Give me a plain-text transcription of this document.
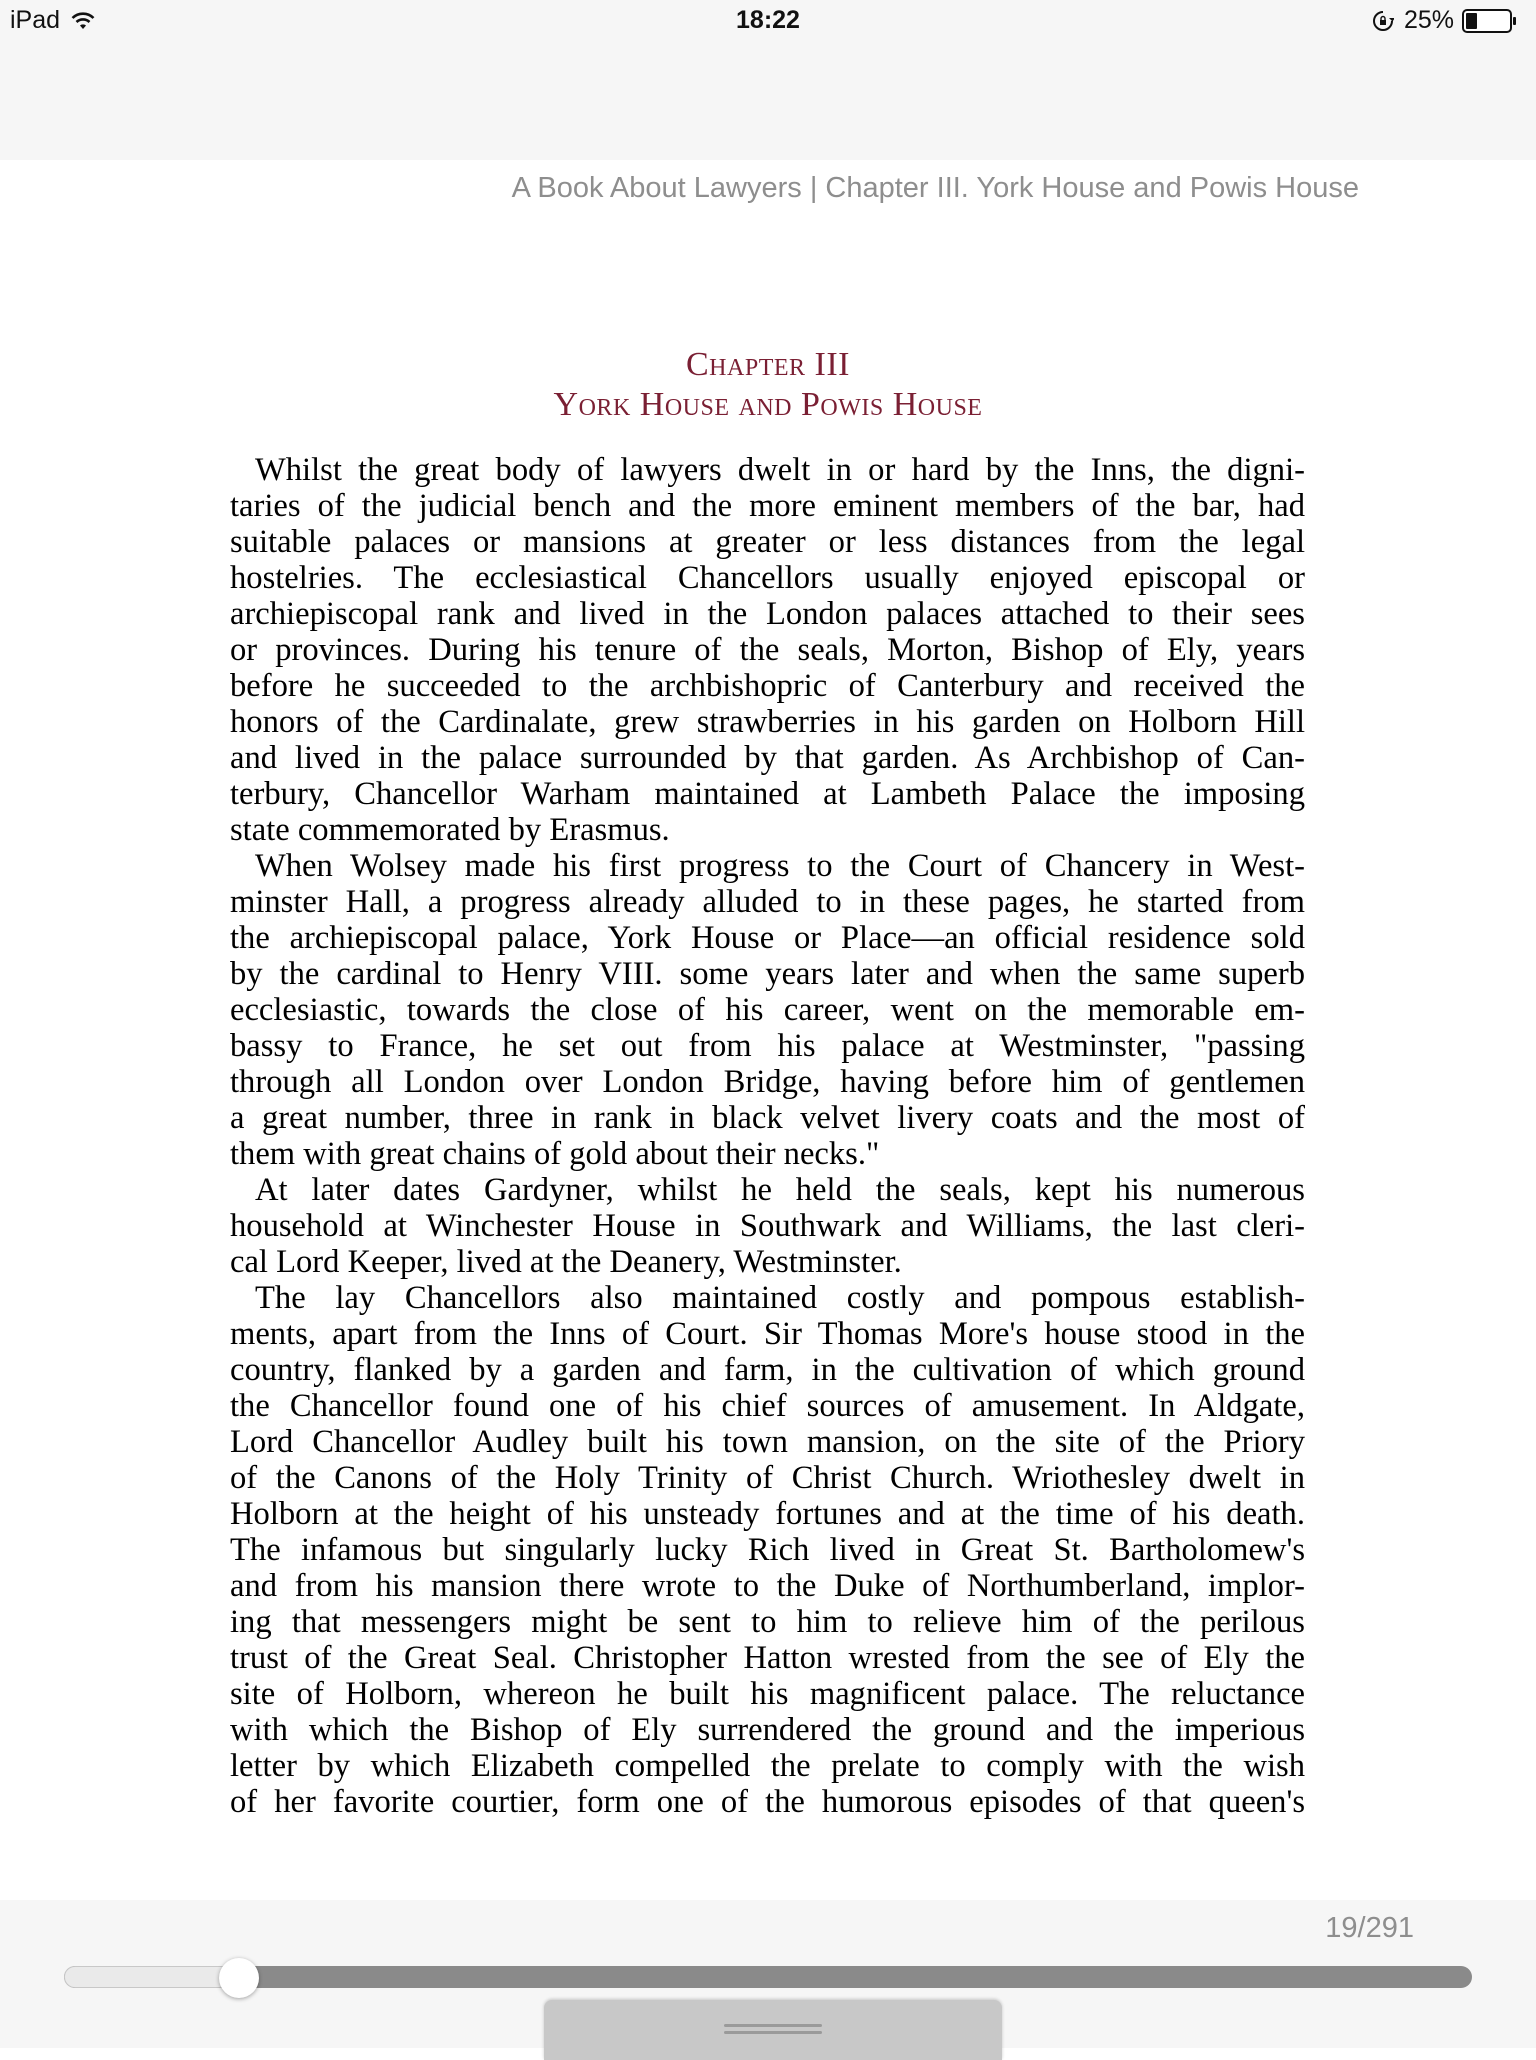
iPad	18:22	25%
A Book About Lawyers | Chapter III. York House and Powis House
Chapter III
York House and Powis House
Whilst the great body of lawyers dwelt in or hard by the Inns, the digni-
taries of the judicial bench and the more eminent members of the bar, had
suitable palaces or mansions at greater or less distances from the legal
hostelries. The ecclesiastical Chancellors usually enjoyed episcopal or
archiepiscopal rank and lived in the London palaces attached to their sees
or provinces. During his tenure of the seals, Morton, Bishop of Ely, years
before he succeeded to the archbishopric of Canterbury and received the
honors of the Cardinalate, grew strawberries in his garden on Holborn Hill
and lived in the palace surrounded by that garden. As Archbishop of Can-
terbury, Chancellor Warham maintained at Lambeth Palace the imposing
state commemorated by Erasmus.
When Wolsey made his first progress to the Court of Chancery in West-
minster Hall, a progress already alluded to in these pages, he started from
the archiepiscopal palace, York House or Place—an official residence sold
by the cardinal to Henry VIII. some years later and when the same superb
ecclesiastic, towards the close of his career, went on the memorable em-
bassy to France, he set out from his palace at Westminster, "passing
through all London over London Bridge, having before him of gentlemen
a great number, three in rank in black velvet livery coats and the most of
them with great chains of gold about their necks."
At later dates Gardyner, whilst he held the seals, kept his numerous
household at Winchester House in Southwark and Williams, the last cleri-
cal Lord Keeper, lived at the Deanery, Westminster.
The lay Chancellors also maintained costly and pompous establish-
ments, apart from the Inns of Court. Sir Thomas More's house stood in the
country, flanked by a garden and farm, in the cultivation of which ground
the Chancellor found one of his chief sources of amusement. In Aldgate,
Lord Chancellor Audley built his town mansion, on the site of the Priory
of the Canons of the Holy Trinity of Christ Church. Wriothesley dwelt in
Holborn at the height of his unsteady fortunes and at the time of his death.
The infamous but singularly lucky Rich lived in Great St. Bartholomew's
and from his mansion there wrote to the Duke of Northumberland, implor-
ing that messengers might be sent to him to relieve him of the perilous
trust of the Great Seal. Christopher Hatton wrested from the see of Ely the
site of Holborn, whereon he built his magnificent palace. The reluctance
with which the Bishop of Ely surrendered the ground and the imperious
letter by which Elizabeth compelled the prelate to comply with the wish
of her favorite courtier, form one of the humorous episodes of that queen's
19/291
